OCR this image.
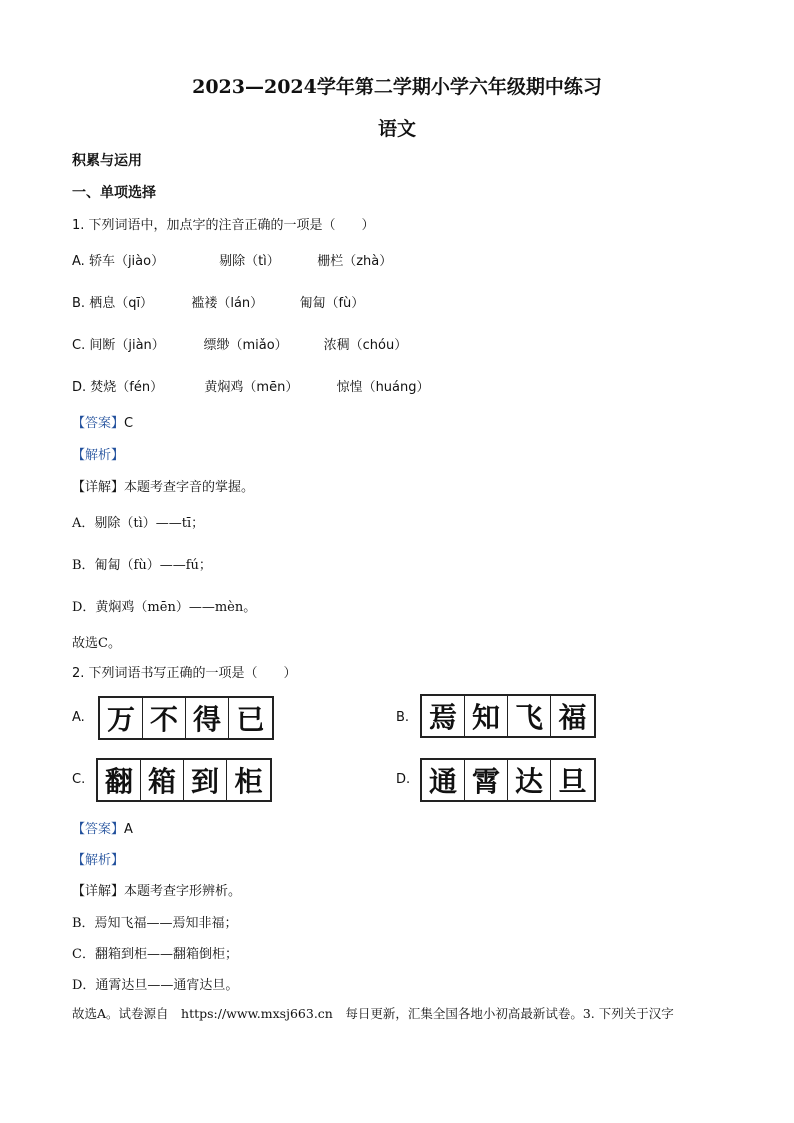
2023—2024学年第二学期小学六年级期中练习
语文
积累与运用
一、单项选择
1. 下列词语中，加点字的注音正确的一项是（　　）
A. 轿车（jiào）	剔除（tì）	栅栏（zhà）
B. 栖息（qī）	褴褛（lán）	匍匐（fù）
C. 间断（jiàn）	缥缈（miǎo）	浓稠（chóu）
D. 焚烧（fén）	黄焖鸡（mēn）	惊惶（huáng）
【答案】C
【解析】
【详解】本题考查字音的掌握。
A．剔除（tì）——tī；
B．匍匐（fù）——fú；
D．黄焖鸡（mēn）——mèn。
故选C。
2. 下列词语书写正确的一项是（　　）
A. 万 不 得 已	B. 焉 知 飞 福
C. 翻 箱 到 柜	D. 通 霄 达 旦
【答案】A
【解析】
【详解】本题考查字形辨析。
B．焉知飞福——焉知非福；
C．翻箱到柜——翻箱倒柜；
D．通霄达旦——通宵达旦。
故选A。试卷源自　https://www.mxsj663.cn　每日更新，汇集全国各地小初高最新试卷。3. 下列关于汉字
